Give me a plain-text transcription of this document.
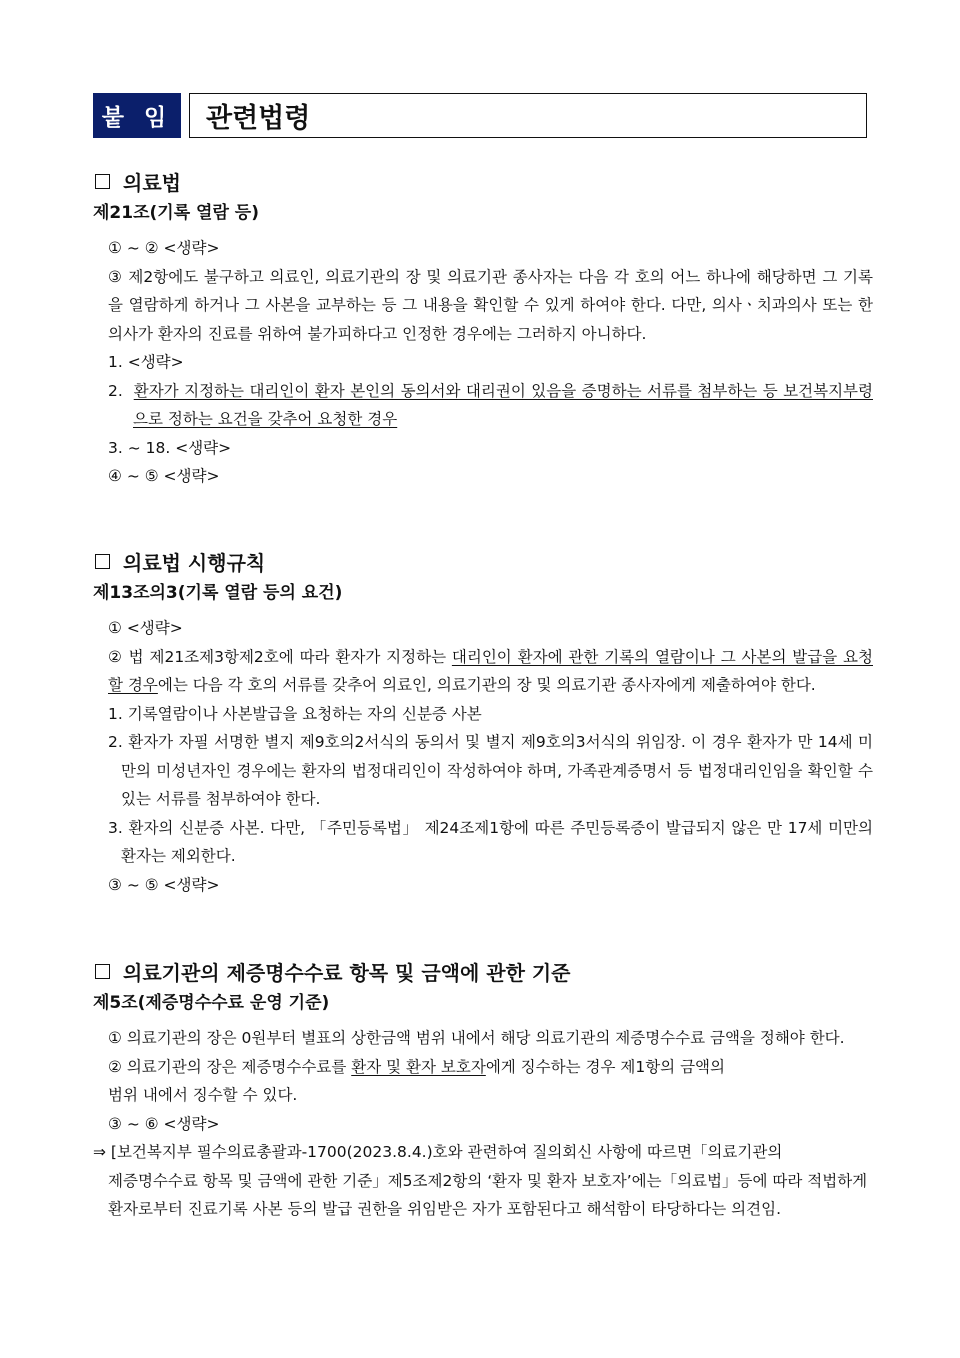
붙 임	관련법령
의료법
제21조(기록 열람 등)
① ~ ② <생략>
③ 제2항에도 불구하고 의료인, 의료기관의 장 및 의료기관 종사자는 다음 각 호의 어느 하나에 해당하면 그 기록을 열람하게 하거나 그 사본을 교부하는 등 그 내용을 확인할 수 있게 하여야 한다. 다만, 의사ㆍ치과의사 또는 한의사가 환자의 진료를 위하여 불가피하다고 인정한 경우에는 그러하지 아니하다.
1. <생략>
2. 환자가 지정하는 대리인이 환자 본인의 동의서와 대리권이 있음을 증명하는 서류를 첨부하는 등 보건복지부령으로 정하는 요건을 갖추어 요청한 경우
3. ~ 18. <생략>
④ ~ ⑤ <생략>
의료법 시행규칙
제13조의3(기록 열람 등의 요건)
① <생략>
② 법 제21조제3항제2호에 따라 환자가 지정하는 대리인이 환자에 관한 기록의 열람이나 그 사본의 발급을 요청할 경우에는 다음 각 호의 서류를 갖추어 의료인, 의료기관의 장 및 의료기관 종사자에게 제출하여야 한다.
1. 기록열람이나 사본발급을 요청하는 자의 신분증 사본
2. 환자가 자필 서명한 별지 제9호의2서식의 동의서 및 별지 제9호의3서식의 위임장. 이 경우 환자가 만 14세 미만의 미성년자인 경우에는 환자의 법정대리인이 작성하여야 하며, 가족관계증명서 등 법정대리인임을 확인할 수 있는 서류를 첨부하여야 한다.
3. 환자의 신분증 사본. 다만, 「주민등록법」 제24조제1항에 따른 주민등록증이 발급되지 않은 만 17세 미만의 환자는 제외한다.
③ ~ ⑤ <생략>
의료기관의 제증명수수료 항목 및 금액에 관한 기준
제5조(제증명수수료 운영 기준)
① 의료기관의 장은 0원부터 별표의 상한금액 범위 내에서 해당 의료기관의 제증명수수료 금액을 정해야 한다.
② 의료기관의 장은 제증명수수료를 환자 및 환자 보호자에게 징수하는 경우 제1항의 금액의
범위 내에서 징수할 수 있다.
③ ~ ⑥ <생략>
⇒ [보건복지부 필수의료총괄과-1700(2023.8.4.)호와 관련하여 질의회신 사항에 따르면「의료기관의
제증명수수료 항목 및 금액에 관한 기준」제5조제2항의 ‘환자 및 환자 보호자’에는「의료법」등에 따라 적법하게 환자로부터 진료기록 사본 등의 발급 권한을 위임받은 자가 포함된다고 해석함이 타당하다는 의견임.
